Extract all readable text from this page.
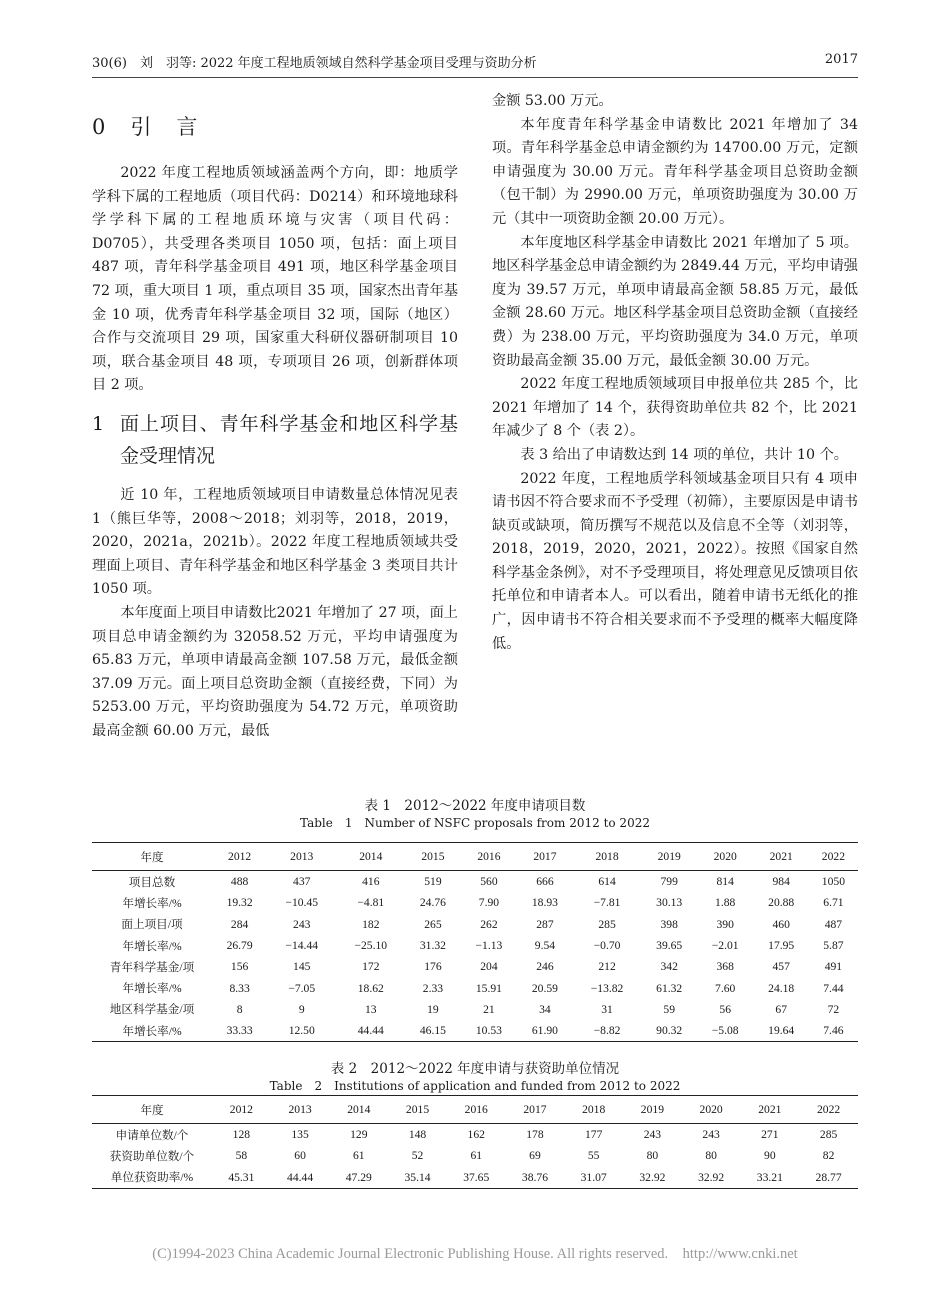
30(6)　刘　羽等: 2022 年度工程地质领域自然科学基金项目受理与资助分析	2017
0　引　言

2022 年度工程地质领域涵盖两个方向，即：地质学学科下属的工程地质（项目代码：D0214）和环境地球科学学科下属的工程地质环境与灾害（项目代码：D0705），共受理各类项目 1050 项，包括：面上项目 487 项，青年科学基金项目 491 项，地区科学基金项目 72 项，重大项目 1 项，重点项目 35 项，国家杰出青年基金 10 项，优秀青年科学基金项目 32 项，国际（地区）合作与交流项目 29 项，国家重大科研仪器研制项目 10 项，联合基金项目 48 项，专项项目 26 项，创新群体项目 2 项。

1 面上项目、青年科学基金和地区科学基金受理情况

近 10 年，工程地质领域项目申请数量总体情况见表 1（熊巨华等，2008～2018；刘羽等，2018，2019，2020，2021a，2021b）。2022 年度工程地质领域共受理面上项目、青年科学基金和地区科学基金 3 类项目共计 1050 项。

本年度面上项目申请数比2021 年增加了 27 项，面上项目总申请金额约为 32058.52 万元，平均申请强度为 65.83 万元，单项申请最高金额 107.58 万元，最低金额 37.09 万元。面上项目总资助金额（直接经费，下同）为 5253.00 万元，平均资助强度为 54.72 万元，单项资助最高金额 60.00 万元，最低

金额 53.00 万元。

本年度青年科学基金申请数比 2021 年增加了 34 项。青年科学基金总申请金额约为 14700.00 万元，定额申请强度为 30.00 万元。青年科学基金项目总资助金额（包干制）为 2990.00 万元，单项资助强度为 30.00 万元（其中一项资助金额 20.00 万元）。

本年度地区科学基金申请数比 2021 年增加了 5 项。地区科学基金总申请金额约为 2849.44 万元，平均申请强度为 39.57 万元，单项申请最高金额 58.85 万元，最低金额 28.60 万元。地区科学基金项目总资助金额（直接经费）为 238.00 万元，平均资助强度为 34.0 万元，单项资助最高金额 35.00 万元，最低金额 30.00 万元。

2022 年度工程地质领域项目申报单位共 285 个，比 2021 年增加了 14 个，获得资助单位共 82 个，比 2021 年减少了 8 个（表 2）。

表 3 给出了申请数达到 14 项的单位，共计 10 个。

2022 年度，工程地质学科领域基金项目只有 4 项申请书因不符合要求而不予受理（初筛），主要原因是申请书缺页或缺项，简历撰写不规范以及信息不全等（刘羽等，2018，2019，2020，2021，2022）。按照《国家自然科学基金条例》，对不予受理项目，将处理意见反馈项目依托单位和申请者本人。可以看出，随着申请书无纸化的推广，因申请书不符合相关要求而不予受理的概率大幅度降低。

表 1　2012～2022 年度申请项目数
Table　1　Number of NSFC proposals from 2012 to 2022
年度	2012	2013	2014	2015	2016	2017	2018	2019	2020	2021	2022
项目总数	488	437	416	519	560	666	614	799	814	984	1050
年增长率/%	19.32	−10.45	−4.81	24.76	7.90	18.93	−7.81	30.13	1.88	20.88	6.71
面上项目/项	284	243	182	265	262	287	285	398	390	460	487
年增长率/%	26.79	−14.44	−25.10	31.32	−1.13	9.54	−0.70	39.65	−2.01	17.95	5.87
青年科学基金/项	156	145	172	176	204	246	212	342	368	457	491
年增长率/%	8.33	−7.05	18.62	2.33	15.91	20.59	−13.82	61.32	7.60	24.18	7.44
地区科学基金/项	8	9	13	19	21	34	31	59	56	67	72
年增长率/%	33.33	12.50	44.44	46.15	10.53	61.90	−8.82	90.32	−5.08	19.64	7.46
表 2　2012～2022 年度申请与获资助单位情况
Table　2　Institutions of application and funded from 2012 to 2022
年度	2012	2013	2014	2015	2016	2017	2018	2019	2020	2021	2022
申请单位数/个	128	135	129	148	162	178	177	243	243	271	285
获资助单位数/个	58	60	61	52	61	69	55	80	80	90	82
单位获资助率/%	45.31	44.44	47.29	35.14	37.65	38.76	31.07	32.92	32.92	33.21	28.77
(C)1994-2023 China Academic Journal Electronic Publishing House. All rights reserved.　http://www.cnki.net
